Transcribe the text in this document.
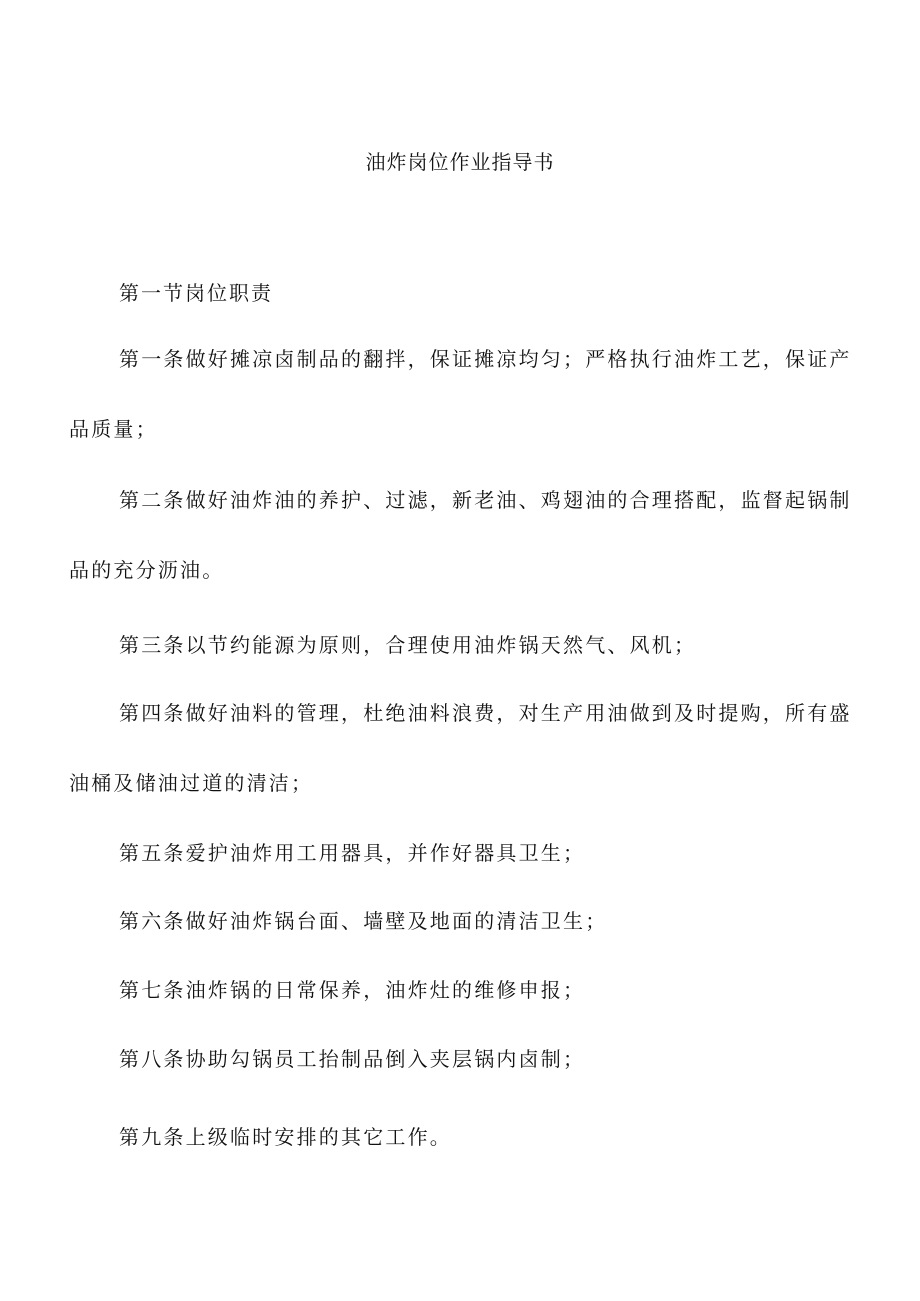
油炸岗位作业指导书
第一节岗位职责

第一条做好摊凉卤制品的翻拌，保证摊凉均匀；严格执行油炸工艺，保证产品质量；

第二条做好油炸油的养护、过滤，新老油、鸡翅油的合理搭配，监督起锅制品的充分沥油。

第三条以节约能源为原则，合理使用油炸锅天然气、风机；

第四条做好油料的管理，杜绝油料浪费，对生产用油做到及时提购，所有盛油桶及储油过道的清洁；

第五条爱护油炸用工用器具，并作好器具卫生；

第六条做好油炸锅台面、墙壁及地面的清洁卫生；

第七条油炸锅的日常保养，油炸灶的维修申报；

第八条协助勾锅员工抬制品倒入夹层锅内卤制；

第九条上级临时安排的其它工作。
